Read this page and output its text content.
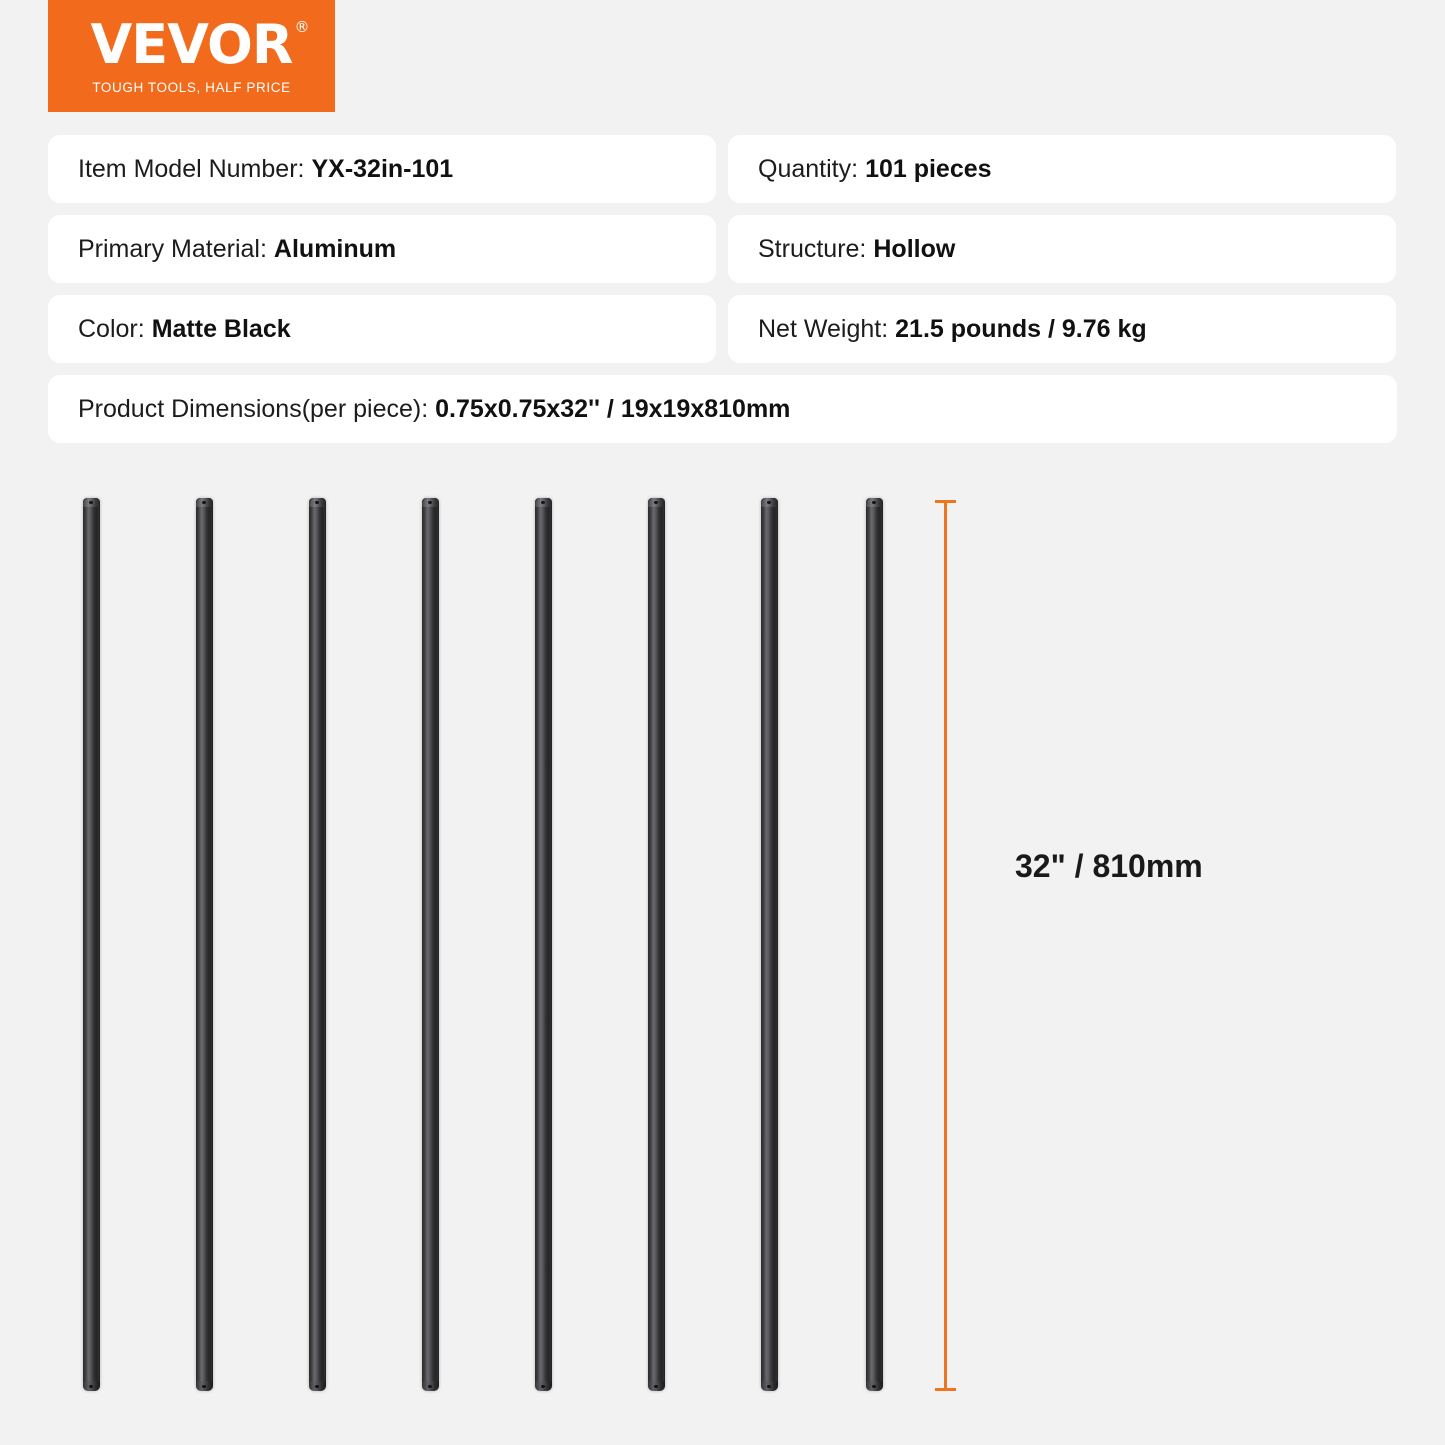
VEVOR ®
TOUGH TOOLS, HALF PRICE
Item Model Number: YX-32in-101	Quantity: 101 pieces
Primary Material: Aluminum	Structure: Hollow
Color: Matte Black	Net Weight: 21.5 pounds / 9.76 kg
Product Dimensions(per piece): 0.75x0.75x32'' / 19x19x810mm
32" / 810mm
